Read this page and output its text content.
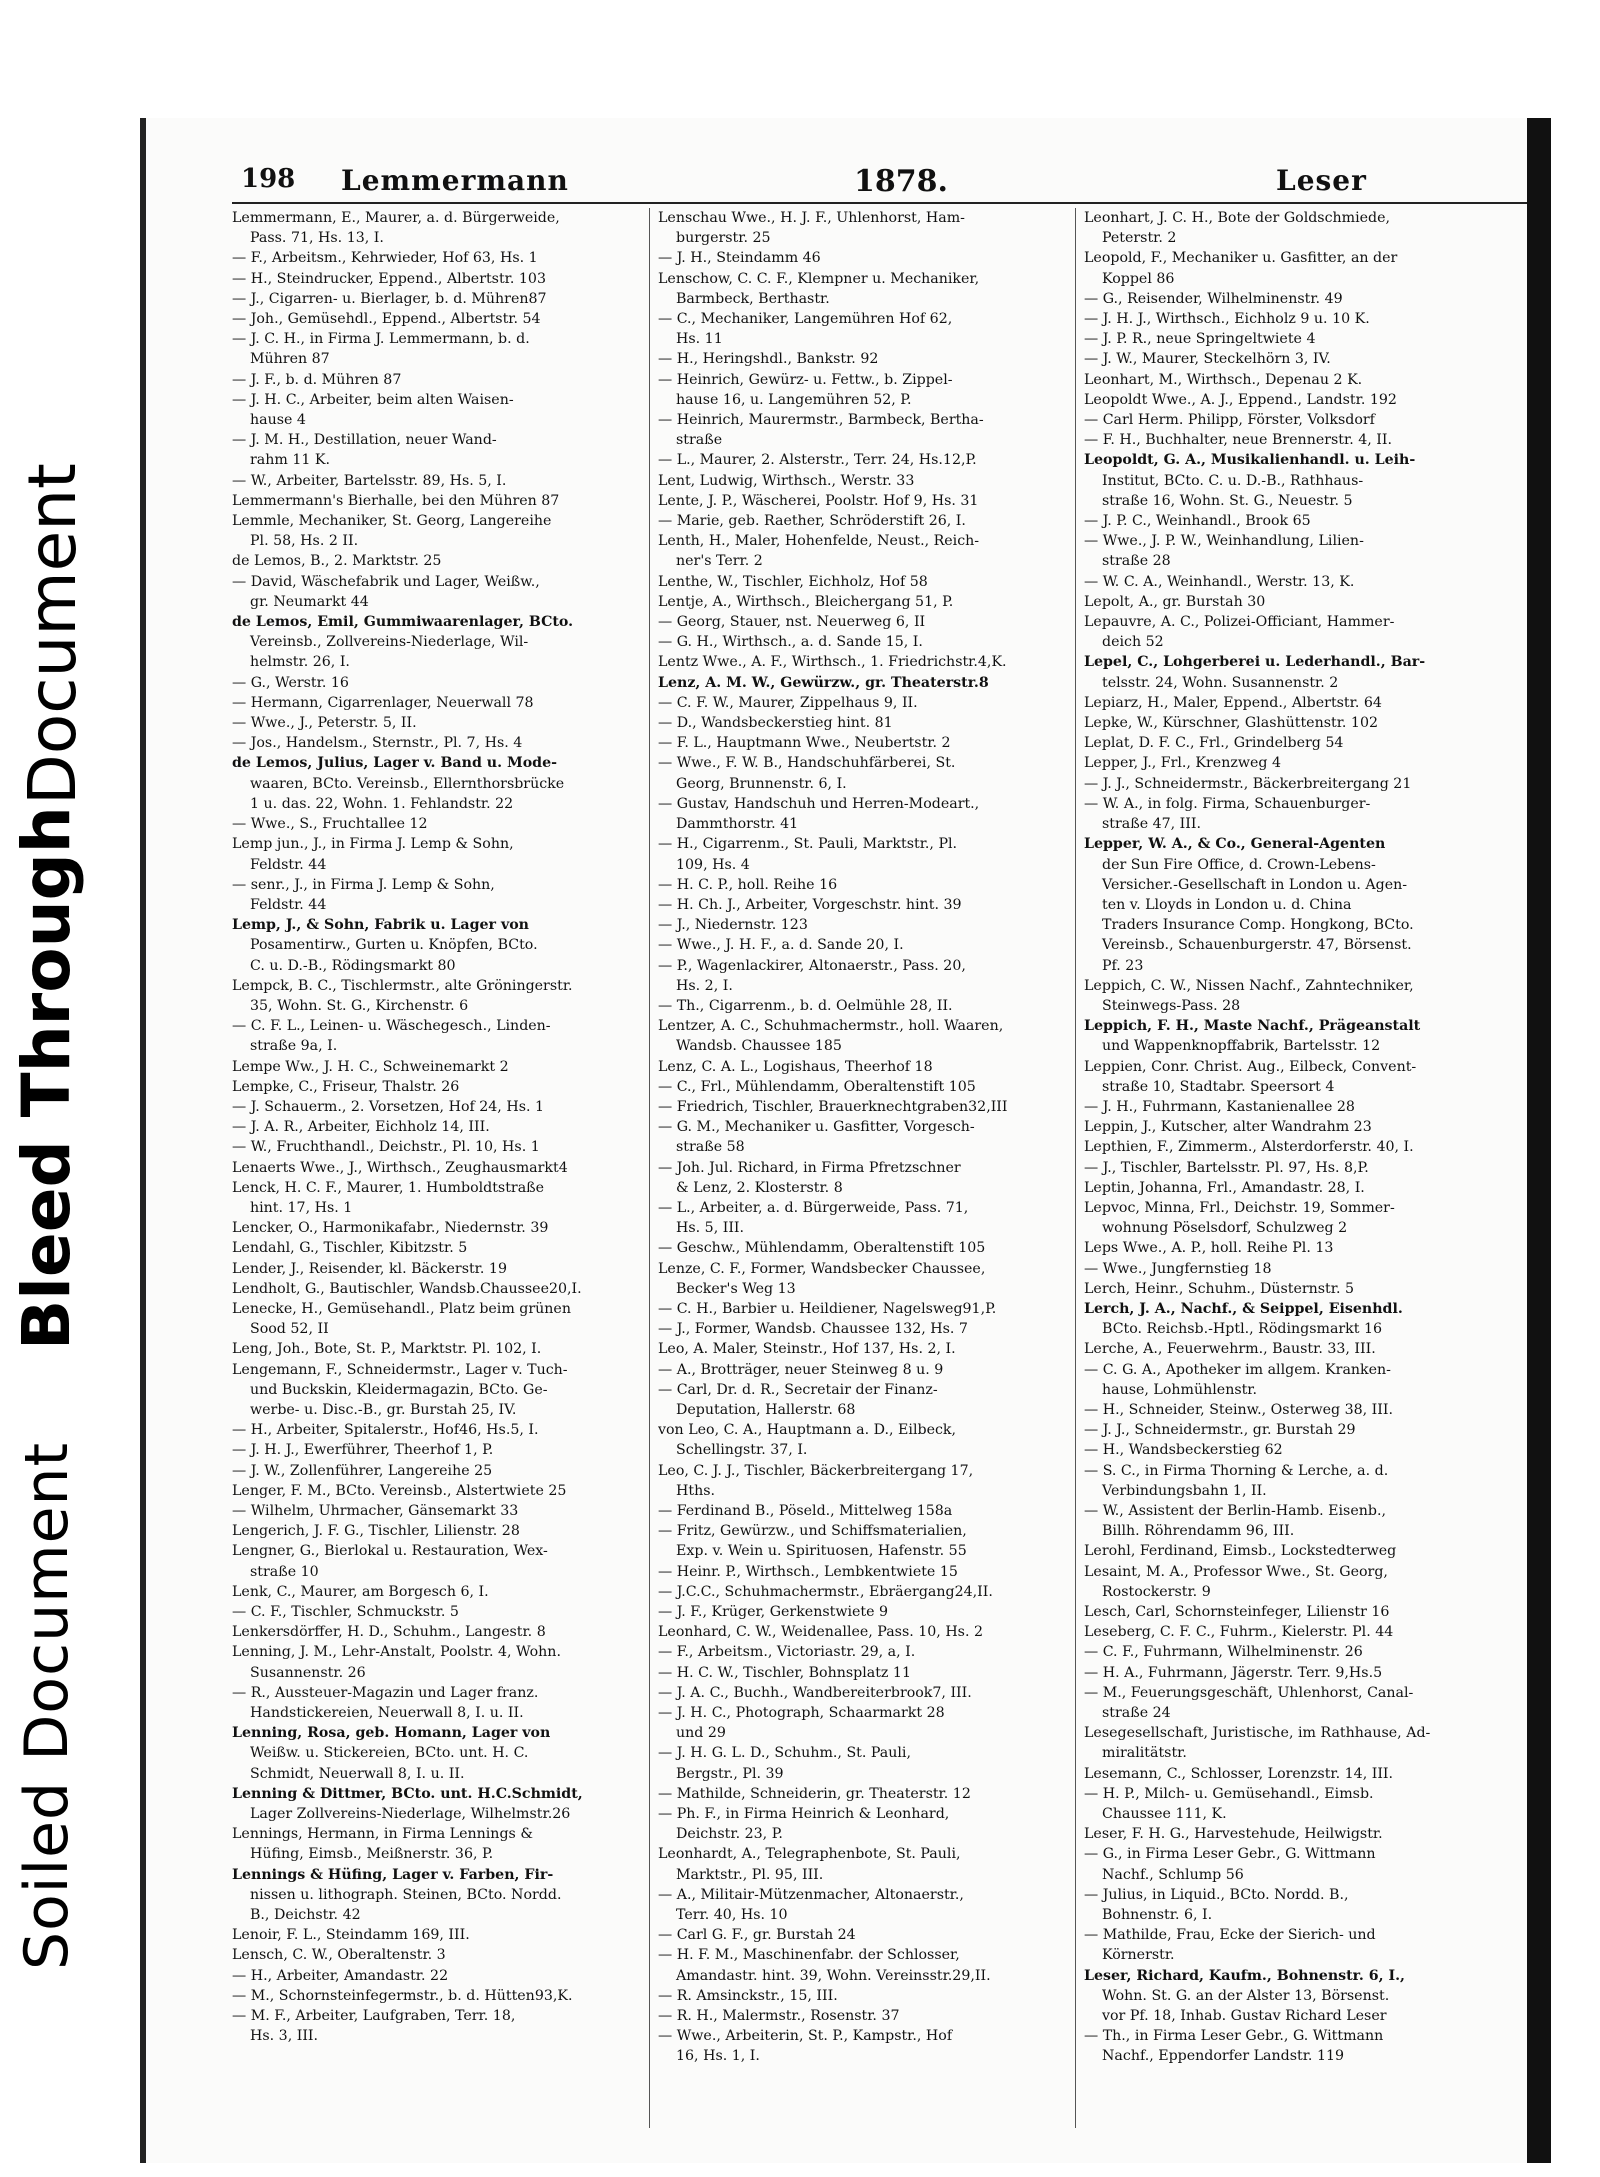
Soiled Document
Bleed Through
Document
198 Lemmermann	1878.	Leser
Lemmermann, E., Maurer, a. d. Bürgerweide,
Pass. 71, Hs. 13, I.
— F., Arbeitsm., Kehrwieder, Hof 63, Hs. 1
— H., Steindrucker, Eppend., Albertstr. 103
— J., Cigarren- u. Bierlager, b. d. Mühren87
— Joh., Gemüsehdl., Eppend., Albertstr. 54
— J. C. H., in Firma J. Lemmermann, b. d.
Mühren 87
— J. F., b. d. Mühren 87
— J. H. C., Arbeiter, beim alten Waisen-
hause 4
— J. M. H., Destillation, neuer Wand-
rahm 11 K.
— W., Arbeiter, Bartelsstr. 89, Hs. 5, I.
Lemmermann's Bierhalle, bei den Mühren 87
Lemmle, Mechaniker, St. Georg, Langereihe
Pl. 58, Hs. 2 II.
de Lemos, B., 2. Marktstr. 25
— David, Wäschefabrik und Lager, Weißw.,
gr. Neumarkt 44
de Lemos, Emil, Gummiwaarenlager, BCto.
Vereinsb., Zollvereins-Niederlage, Wil-
helmstr. 26, I.
— G., Werstr. 16
— Hermann, Cigarrenlager, Neuerwall 78
— Wwe., J., Peterstr. 5, II.
— Jos., Handelsm., Sternstr., Pl. 7, Hs. 4
de Lemos, Julius, Lager v. Band u. Mode-
waaren, BCto. Vereinsb., Ellernthorsbrücke
1 u. das. 22, Wohn. 1. Fehlandstr. 22
— Wwe., S., Fruchtallee 12
Lemp jun., J., in Firma J. Lemp & Sohn,
Feldstr. 44
— senr., J., in Firma J. Lemp & Sohn,
Feldstr. 44
Lemp, J., & Sohn, Fabrik u. Lager von
Posamentirw., Gurten u. Knöpfen, BCto.
C. u. D.-B., Rödingsmarkt 80
Lempck, B. C., Tischlermstr., alte Gröningerstr.
35, Wohn. St. G., Kirchenstr. 6
— C. F. L., Leinen- u. Wäschegesch., Linden-
straße 9a, I.
Lempe Ww., J. H. C., Schweinemarkt 2
Lempke, C., Friseur, Thalstr. 26
— J. Schauerm., 2. Vorsetzen, Hof 24, Hs. 1
— J. A. R., Arbeiter, Eichholz 14, III.
— W., Fruchthandl., Deichstr., Pl. 10, Hs. 1
Lenaerts Wwe., J., Wirthsch., Zeughausmarkt4
Lenck, H. C. F., Maurer, 1. Humboldtstraße
hint. 17, Hs. 1
Lencker, O., Harmonikafabr., Niedernstr. 39
Lendahl, G., Tischler, Kibitzstr. 5
Lender, J., Reisender, kl. Bäckerstr. 19
Lendholt, G., Bautischler, Wandsb.Chaussee20,I.
Lenecke, H., Gemüsehandl., Platz beim grünen
Sood 52, II
Leng, Joh., Bote, St. P., Marktstr. Pl. 102, I.
Lengemann, F., Schneidermstr., Lager v. Tuch-
und Buckskin, Kleidermagazin, BCto. Ge-
werbe- u. Disc.-B., gr. Burstah 25, IV.
— H., Arbeiter, Spitalerstr., Hof46, Hs.5, I.
— J. H. J., Ewerführer, Theerhof 1, P.
— J. W., Zollenführer, Langereihe 25
Lenger, F. M., BCto. Vereinsb., Alstertwiete 25
— Wilhelm, Uhrmacher, Gänsemarkt 33
Lengerich, J. F. G., Tischler, Lilienstr. 28
Lengner, G., Bierlokal u. Restauration, Wex-
straße 10
Lenk, C., Maurer, am Borgesch 6, I.
— C. F., Tischler, Schmuckstr. 5
Lenkersdörffer, H. D., Schuhm., Langestr. 8
Lenning, J. M., Lehr-Anstalt, Poolstr. 4, Wohn.
Susannenstr. 26
— R., Aussteuer-Magazin und Lager franz.
Handstickereien, Neuerwall 8, I. u. II.
Lenning, Rosa, geb. Homann, Lager von
Weißw. u. Stickereien, BCto. unt. H. C.
Schmidt, Neuerwall 8, I. u. II.
Lenning & Dittmer, BCto. unt. H.C.Schmidt,
Lager Zollvereins-Niederlage, Wilhelmstr.26
Lennings, Hermann, in Firma Lennings &
Hüfing, Eimsb., Meißnerstr. 36, P.
Lennings & Hüfing, Lager v. Farben, Fir-
nissen u. lithograph. Steinen, BCto. Nordd.
B., Deichstr. 42
Lenoir, F. L., Steindamm 169, III.
Lensch, C. W., Oberaltenstr. 3
— H., Arbeiter, Amandastr. 22
— M., Schornsteinfegermstr., b. d. Hütten93,K.
— M. F., Arbeiter, Laufgraben, Terr. 18,
Hs. 3, III.
Lenschau Wwe., H. J. F., Uhlenhorst, Ham-
burgerstr. 25
— J. H., Steindamm 46
Lenschow, C. C. F., Klempner u. Mechaniker,
Barmbeck, Berthastr.
— C., Mechaniker, Langemühren Hof 62,
Hs. 11
— H., Heringshdl., Bankstr. 92
— Heinrich, Gewürz- u. Fettw., b. Zippel-
hause 16, u. Langemühren 52, P.
— Heinrich, Maurermstr., Barmbeck, Bertha-
straße
— L., Maurer, 2. Alsterstr., Terr. 24, Hs.12,P.
Lent, Ludwig, Wirthsch., Werstr. 33
Lente, J. P., Wäscherei, Poolstr. Hof 9, Hs. 31
— Marie, geb. Raether, Schröderstift 26, I.
Lenth, H., Maler, Hohenfelde, Neust., Reich-
ner's Terr. 2
Lenthe, W., Tischler, Eichholz, Hof 58
Lentje, A., Wirthsch., Bleichergang 51, P.
— Georg, Stauer, nst. Neuerweg 6, II
— G. H., Wirthsch., a. d. Sande 15, I.
Lentz Wwe., A. F., Wirthsch., 1. Friedrichstr.4,K.
Lenz, A. M. W., Gewürzw., gr. Theaterstr.8
— C. F. W., Maurer, Zippelhaus 9, II.
— D., Wandsbeckerstieg hint. 81
— F. L., Hauptmann Wwe., Neubertstr. 2
— Wwe., F. W. B., Handschuhfärberei, St.
Georg, Brunnenstr. 6, I.
— Gustav, Handschuh und Herren-Modeart.,
Dammthorstr. 41
— H., Cigarrenm., St. Pauli, Marktstr., Pl.
109, Hs. 4
— H. C. P., holl. Reihe 16
— H. Ch. J., Arbeiter, Vorgeschstr. hint. 39
— J., Niedernstr. 123
— Wwe., J. H. F., a. d. Sande 20, I.
— P., Wagenlackirer, Altonaerstr., Pass. 20,
Hs. 2, I.
— Th., Cigarrenm., b. d. Oelmühle 28, II.
Lentzer, A. C., Schuhmachermstr., holl. Waaren,
Wandsb. Chaussee 185
Lenz, C. A. L., Logishaus, Theerhof 18
— C., Frl., Mühlendamm, Oberaltenstift 105
— Friedrich, Tischler, Brauerknechtgraben32,III
— G. M., Mechaniker u. Gasfitter, Vorgesch-
straße 58
— Joh. Jul. Richard, in Firma Pfretzschner
& Lenz, 2. Klosterstr. 8
— L., Arbeiter, a. d. Bürgerweide, Pass. 71,
Hs. 5, III.
— Geschw., Mühlendamm, Oberaltenstift 105
Lenze, C. F., Former, Wandsbecker Chaussee,
Becker's Weg 13
— C. H., Barbier u. Heildiener, Nagelsweg91,P.
— J., Former, Wandsb. Chaussee 132, Hs. 7
Leo, A. Maler, Steinstr., Hof 137, Hs. 2, I.
— A., Brotträger, neuer Steinweg 8 u. 9
— Carl, Dr. d. R., Secretair der Finanz-
Deputation, Hallerstr. 68
von Leo, C. A., Hauptmann a. D., Eilbeck,
Schellingstr. 37, I.
Leo, C. J. J., Tischler, Bäckerbreitergang 17,
Hths.
— Ferdinand B., Pöseld., Mittelweg 158a
— Fritz, Gewürzw., und Schiffsmaterialien,
Exp. v. Wein u. Spirituosen, Hafenstr. 55
— Heinr. P., Wirthsch., Lembkentwiete 15
— J.C.C., Schuhmachermstr., Ebräergang24,II.
— J. F., Krüger, Gerkenstwiete 9
Leonhard, C. W., Weidenallee, Pass. 10, Hs. 2
— F., Arbeitsm., Victoriastr. 29, a, I.
— H. C. W., Tischler, Bohnsplatz 11
— J. A. C., Buchh., Wandbereiterbrook7, III.
— J. H. C., Photograph, Schaarmarkt 28
und 29
— J. H. G. L. D., Schuhm., St. Pauli,
Bergstr., Pl. 39
— Mathilde, Schneiderin, gr. Theaterstr. 12
— Ph. F., in Firma Heinrich & Leonhard,
Deichstr. 23, P.
Leonhardt, A., Telegraphenbote, St. Pauli,
Marktstr., Pl. 95, III.
— A., Militair-Mützenmacher, Altonaerstr.,
Terr. 40, Hs. 10
— Carl G. F., gr. Burstah 24
— H. F. M., Maschinenfabr. der Schlosser,
Amandastr. hint. 39, Wohn. Vereinsstr.29,II.
— R. Amsinckstr., 15, III.
— R. H., Malermstr., Rosenstr. 37
— Wwe., Arbeiterin, St. P., Kampstr., Hof
16, Hs. 1, I.
Leonhart, J. C. H., Bote der Goldschmiede,
Peterstr. 2
Leopold, F., Mechaniker u. Gasfitter, an der
Koppel 86
— G., Reisender, Wilhelminenstr. 49
— J. H. J., Wirthsch., Eichholz 9 u. 10 K.
— J. P. R., neue Springeltwiete 4
— J. W., Maurer, Steckelhörn 3, IV.
Leonhart, M., Wirthsch., Depenau 2 K.
Leopoldt Wwe., A. J., Eppend., Landstr. 192
— Carl Herm. Philipp, Förster, Volksdorf
— F. H., Buchhalter, neue Brennerstr. 4, II.
Leopoldt, G. A., Musikalienhandl. u. Leih-
Institut, BCto. C. u. D.-B., Rathhaus-
straße 16, Wohn. St. G., Neuestr. 5
— J. P. C., Weinhandl., Brook 65
— Wwe., J. P. W., Weinhandlung, Lilien-
straße 28
— W. C. A., Weinhandl., Werstr. 13, K.
Lepolt, A., gr. Burstah 30
Lepauvre, A. C., Polizei-Officiant, Hammer-
deich 52
Lepel, C., Lohgerberei u. Lederhandl., Bar-
telsstr. 24, Wohn. Susannenstr. 2
Lepiarz, H., Maler, Eppend., Albertstr. 64
Lepke, W., Kürschner, Glashüttenstr. 102
Leplat, D. F. C., Frl., Grindelberg 54
Lepper, J., Frl., Krenzweg 4
— J. J., Schneidermstr., Bäckerbreitergang 21
— W. A., in folg. Firma, Schauenburger-
straße 47, III.
Lepper, W. A., & Co., General-Agenten
der Sun Fire Office, d. Crown-Lebens-
Versicher.-Gesellschaft in London u. Agen-
ten v. Lloyds in London u. d. China
Traders Insurance Comp. Hongkong, BCto.
Vereinsb., Schauenburgerstr. 47, Börsenst.
Pf. 23
Leppich, C. W., Nissen Nachf., Zahntechniker,
Steinwegs-Pass. 28
Leppich, F. H., Maste Nachf., Prägeanstalt
und Wappenknopffabrik, Bartelsstr. 12
Leppien, Conr. Christ. Aug., Eilbeck, Convent-
straße 10, Stadtabr. Speersort 4
— J. H., Fuhrmann, Kastanienallee 28
Leppin, J., Kutscher, alter Wandrahm 23
Lepthien, F., Zimmerm., Alsterdorferstr. 40, I.
— J., Tischler, Bartelsstr. Pl. 97, Hs. 8,P.
Leptin, Johanna, Frl., Amandastr. 28, I.
Lepvoc, Minna, Frl., Deichstr. 19, Sommer-
wohnung Pöselsdorf, Schulzweg 2
Leps Wwe., A. P., holl. Reihe Pl. 13
— Wwe., Jungfernstieg 18
Lerch, Heinr., Schuhm., Düsternstr. 5
Lerch, J. A., Nachf., & Seippel, Eisenhdl.
BCto. Reichsb.-Hptl., Rödingsmarkt 16
Lerche, A., Feuerwehrm., Baustr. 33, III.
— C. G. A., Apotheker im allgem. Kranken-
hause, Lohmühlenstr.
— H., Schneider, Steinw., Osterweg 38, III.
— J. J., Schneidermstr., gr. Burstah 29
— H., Wandsbeckerstieg 62
— S. C., in Firma Thorning & Lerche, a. d.
Verbindungsbahn 1, II.
— W., Assistent der Berlin-Hamb. Eisenb.,
Billh. Röhrendamm 96, III.
Lerohl, Ferdinand, Eimsb., Lockstedterweg
Lesaint, M. A., Professor Wwe., St. Georg,
Rostockerstr. 9
Lesch, Carl, Schornsteinfeger, Lilienstr 16
Leseberg, C. F. C., Fuhrm., Kielerstr. Pl. 44
— C. F., Fuhrmann, Wilhelminenstr. 26
— H. A., Fuhrmann, Jägerstr. Terr. 9,Hs.5
— M., Feuerungsgeschäft, Uhlenhorst, Canal-
straße 24
Lesegesellschaft, Juristische, im Rathhause, Ad-
miralitätstr.
Lesemann, C., Schlosser, Lorenzstr. 14, III.
— H. P., Milch- u. Gemüsehandl., Eimsb.
Chaussee 111, K.
Leser, F. H. G., Harvestehude, Heilwigstr.
— G., in Firma Leser Gebr., G. Wittmann
Nachf., Schlump 56
— Julius, in Liquid., BCto. Nordd. B.,
Bohnenstr. 6, I.
— Mathilde, Frau, Ecke der Sierich- und
Körnerstr.
Leser, Richard, Kaufm., Bohnenstr. 6, I.,
Wohn. St. G. an der Alster 13, Börsenst.
vor Pf. 18, Inhab. Gustav Richard Leser
— Th., in Firma Leser Gebr., G. Wittmann
Nachf., Eppendorfer Landstr. 119
